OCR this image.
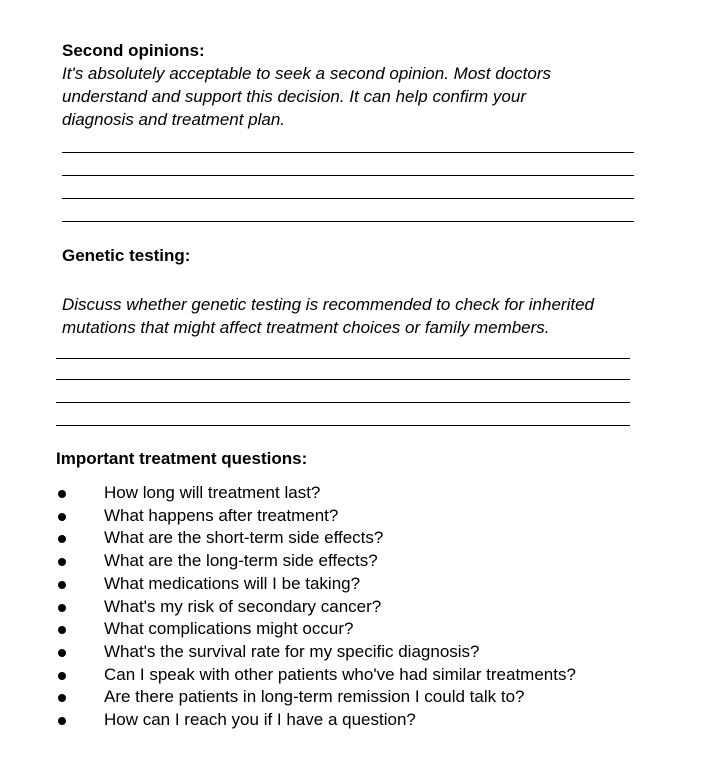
Second opinions:

It's absolutely acceptable to seek a second opinion. Most doctors
understand and support this decision. It can help confirm your
diagnosis and treatment plan.

Genetic testing:

Discuss whether genetic testing is recommended to check for inherited
mutations that might affect treatment choices or family members.

Important treatment questions:

How long will treatment last?
What happens after treatment?
What are the short-term side effects?
What are the long-term side effects?
What medications will I be taking?
What's my risk of secondary cancer?
What complications might occur?
What's the survival rate for my specific diagnosis?
Can I speak with other patients who've had similar treatments?
Are there patients in long-term remission I could talk to?
How can I reach you if I have a question?
